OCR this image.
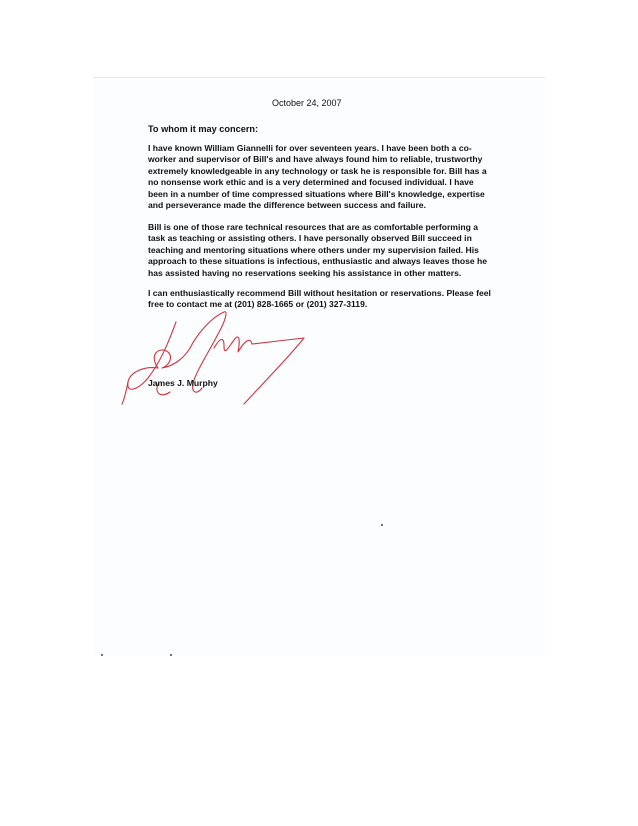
October 24, 2007
To whom it may concern:

I have known William Giannelli for over seventeen years. I have been both a co-worker and supervisor of Bill's and have always found him to reliable, trustworthy extremely knowledgeable in any technology or task he is responsible for. Bill has a no nonsense work ethic and is a very determined and focused individual. I have been in a number of time compressed situations where Bill's knowledge, expertise and perseverance made the difference between success and failure.

Bill is one of those rare technical resources that are as comfortable performing a task as teaching or assisting others. I have personally observed Bill succeed in teaching and mentoring situations where others under my supervision failed. His approach to these situations is infectious, enthusiastic and always leaves those he has assisted having no reservations seeking his assistance in other matters.

I can enthusiastically recommend Bill without hesitation or reservations. Please feel free to contact me at (201) 828-1665 or (201) 327-3119.

James J. Murphy
